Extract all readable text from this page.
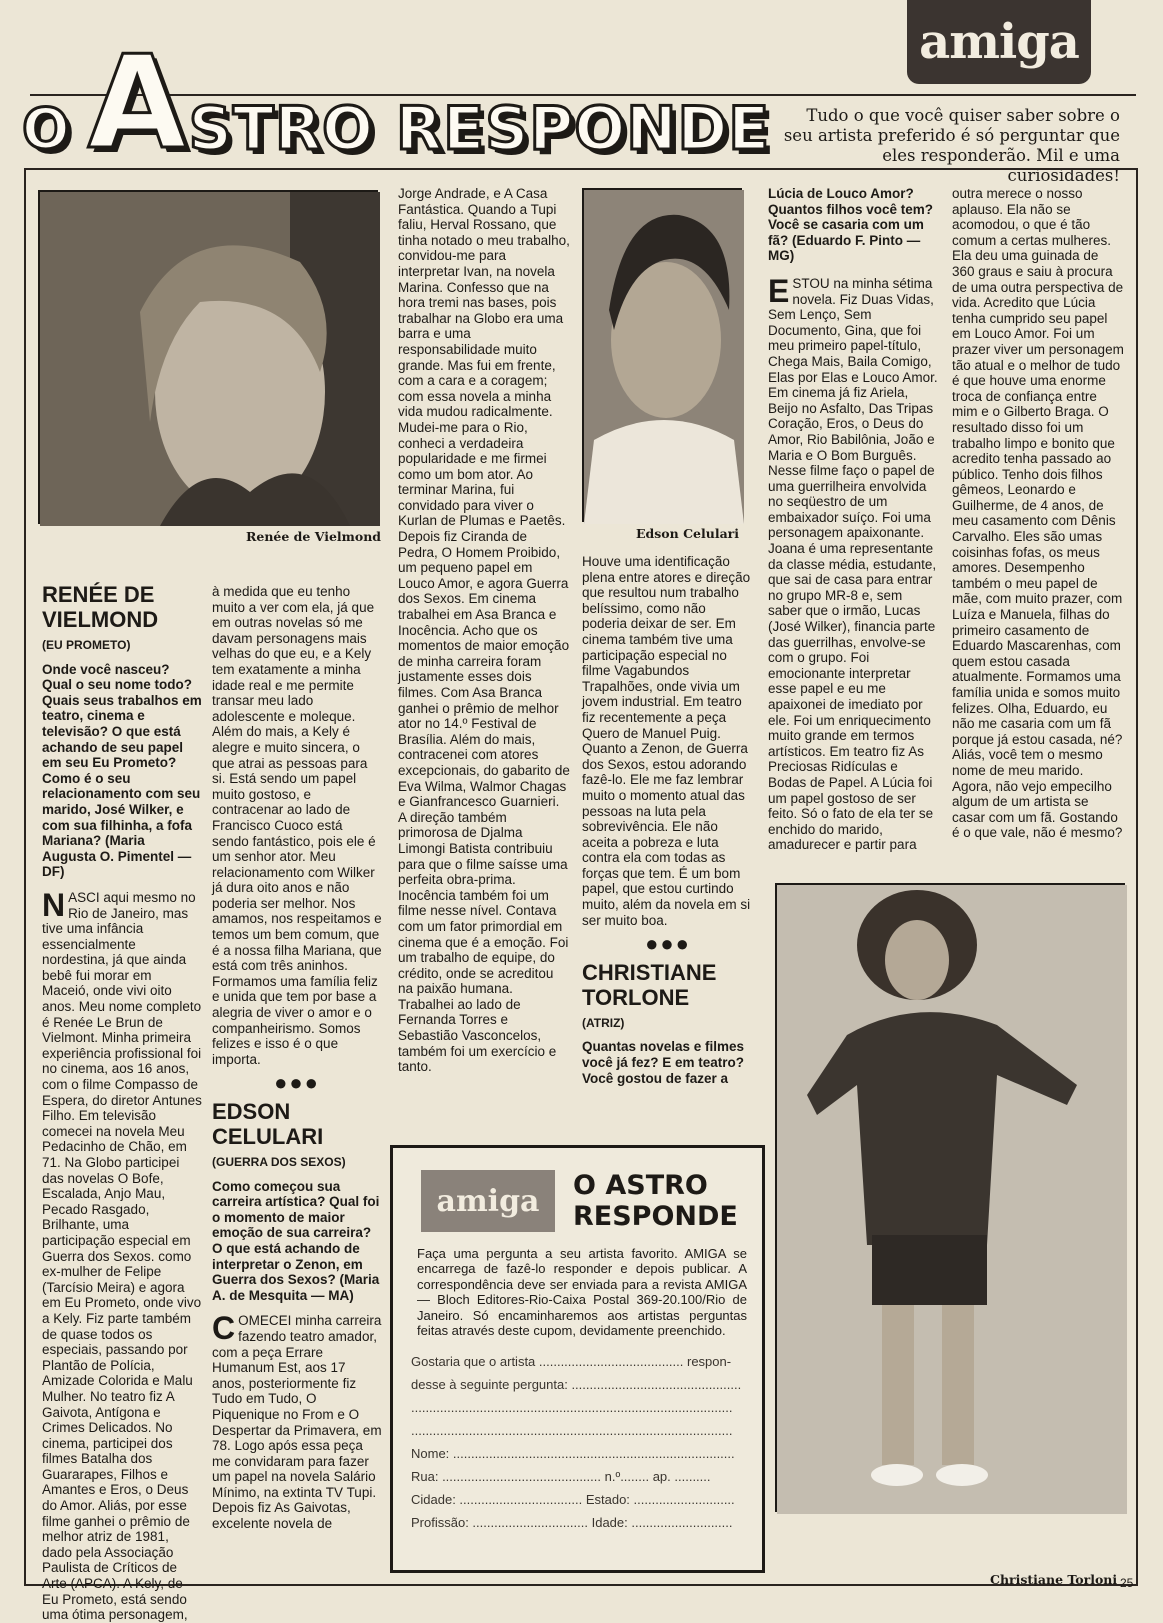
amiga
O A STRO RESPONDE	Tudo o que você quiser saber sobre o seu artista preferido é só perguntar que eles responderão. Mil e uma curiosidades!
Renée de Vielmond	Edson Celulari
Christiane Torloni
RENÉE DE VIELMOND
(EU PROMETO)

Onde você nasceu? Qual o seu nome todo? Quais seus trabalhos em teatro, cinema e televisão? O que está achando de seu papel em seu Eu Prometo? Como é o seu relacionamento com seu marido, José Wilker, e com sua filhinha, a fofa Mariana? (Maria Augusta O. Pimentel — DF)

NASCI aqui mesmo no Rio de Janeiro, mas tive uma infância essencialmente nordestina, já que ainda bebê fui morar em Maceió, onde vivi oito anos. Meu nome completo é Renée Le Brun de Vielmont. Minha primeira experiência profissional foi no cinema, aos 16 anos, com o filme Compasso de Espera, do diretor Antunes Filho. Em televisão comecei na novela Meu Pedacinho de Chão, em 71. Na Globo participei das novelas O Bofe, Escalada, Anjo Mau, Pecado Rasgado, Brilhante, uma participação especial em Guerra dos Sexos. como ex-mulher de Felipe (Tarcísio Meira) e agora em Eu Prometo, onde vivo a Kely. Fiz parte também de quase todos os especiais, passando por Plantão de Polícia, Amizade Colorida e Malu Mulher. No teatro fiz A Gaivota, Antígona e Crimes Delicados. No cinema, participei dos filmes Batalha dos Guararapes, Filhos e Amantes e Eros, o Deus do Amor. Aliás, por esse filme ganhei o prêmio de melhor atriz de 1981, dado pela Associação Paulista de Críticos de Arte (APCA). A Kely, de Eu Prometo, está sendo uma ótima personagem,

à medida que eu tenho muito a ver com ela, já que em outras novelas só me davam personagens mais velhas do que eu, e a Kely tem exatamente a minha idade real e me permite transar meu lado adolescente e moleque. Além do mais, a Kely é alegre e muito sincera, o que atrai as pessoas para si. Está sendo um papel muito gostoso, e contracenar ao lado de Francisco Cuoco está sendo fantástico, pois ele é um senhor ator. Meu relacionamento com Wilker já dura oito anos e não poderia ser melhor. Nos amamos, nos respeitamos e temos um bem comum, que é a nossa filha Mariana, que está com três aninhos. Formamos uma família feliz e unida que tem por base a alegria de viver o amor e o companheirismo. Somos felizes e isso é o que importa.

●●●
EDSON CELULARI
(GUERRA DOS SEXOS)

Como começou sua carreira artística? Qual foi o momento de maior emoção de sua carreira? O que está achando de interpretar o Zenon, em Guerra dos Sexos? (Maria A. de Mesquita — MA)

COMECEI minha carreira fazendo teatro amador, com a peça Errare Humanum Est, aos 17 anos, posteriormente fiz Tudo em Tudo, O Piquenique no From e O Despertar da Primavera, em 78. Logo após essa peça me convidaram para fazer um papel na novela Salário Mínimo, na extinta TV Tupi. Depois fiz As Gaivotas, excelente novela de

Jorge Andrade, e A Casa Fantástica. Quando a Tupi faliu, Herval Rossano, que tinha notado o meu trabalho, convidou-me para interpretar Ivan, na novela Marina. Confesso que na hora tremi nas bases, pois trabalhar na Globo era uma barra e uma responsabilidade muito grande. Mas fui em frente, com a cara e a coragem; com essa novela a minha vida mudou radicalmente. Mudei-me para o Rio, conheci a verdadeira popularidade e me firmei como um bom ator. Ao terminar Marina, fui convidado para viver o Kurlan de Plumas e Paetês. Depois fiz Ciranda de Pedra, O Homem Proibido, um pequeno papel em Louco Amor, e agora Guerra dos Sexos. Em cinema trabalhei em Asa Branca e Inocência. Acho que os momentos de maior emoção de minha carreira foram justamente esses dois filmes. Com Asa Branca ganhei o prêmio de melhor ator no 14.º Festival de Brasília. Além do mais, contracenei com atores excepcionais, do gabarito de Eva Wilma, Walmor Chagas e Gianfrancesco Guarnieri. A direção também primorosa de Djalma Limongi Batista contribuiu para que o filme saísse uma perfeita obra-prima. Inocência também foi um filme nesse nível. Contava com um fator primordial em cinema que é a emoção. Foi um trabalho de equipe, do crédito, onde se acreditou na paixão humana. Trabalhei ao lado de Fernanda Torres e Sebastião Vasconcelos, também foi um exercício e tanto.

Houve uma identificação plena entre atores e direção que resultou num trabalho belíssimo, como não poderia deixar de ser. Em cinema também tive uma participação especial no filme Vagabundos Trapalhões, onde vivia um jovem industrial. Em teatro fiz recentemente a peça Quero de Manuel Puig. Quanto a Zenon, de Guerra dos Sexos, estou adorando fazê-lo. Ele me faz lembrar muito o momento atual das pessoas na luta pela sobrevivência. Ele não aceita a pobreza e luta contra ela com todas as forças que tem. É um bom papel, que estou curtindo muito, além da novela em si ser muito boa.

●●●
CHRISTIANE TORLONE
(ATRIZ)

Quantas novelas e filmes você já fez? E em teatro? Você gostou de fazer a

Lúcia de Louco Amor? Quantos filhos você tem? Você se casaria com um fã? (Eduardo F. Pinto — MG)

ESTOU na minha sétima novela. Fiz Duas Vidas, Sem Lenço, Sem Documento, Gina, que foi meu primeiro papel-título, Chega Mais, Baila Comigo, Elas por Elas e Louco Amor. Em cinema já fiz Ariela, Beijo no Asfalto, Das Tripas Coração, Eros, o Deus do Amor, Rio Babilônia, João e Maria e O Bom Burguês. Nesse filme faço o papel de uma guerrilheira envolvida no seqüestro de um embaixador suíço. Foi uma personagem apaixonante. Joana é uma representante da classe média, estudante, que sai de casa para entrar no grupo MR-8 e, sem saber que o irmão, Lucas (José Wilker), financia parte das guerrilhas, envolve-se com o grupo. Foi emocionante interpretar esse papel e eu me apaixonei de imediato por ele. Foi um enriquecimento muito grande em termos artísticos. Em teatro fiz As Preciosas Ridículas e Bodas de Papel. A Lúcia foi um papel gostoso de ser feito. Só o fato de ela ter se enchido do marido, amadurecer e partir para

outra merece o nosso aplauso. Ela não se acomodou, o que é tão comum a certas mulheres. Ela deu uma guinada de 360 graus e saiu à procura de uma outra perspectiva de vida. Acredito que Lúcia tenha cumprido seu papel em Louco Amor. Foi um prazer viver um personagem tão atual e o melhor de tudo é que houve uma enorme troca de confiança entre mim e o Gilberto Braga. O resultado disso foi um trabalho limpo e bonito que acredito tenha passado ao público. Tenho dois filhos gêmeos, Leonardo e Guilherme, de 4 anos, de meu casamento com Dênis Carvalho. Eles são umas coisinhas fofas, os meus amores. Desempenho também o meu papel de mãe, com muito prazer, com Luíza e Manuela, filhas do primeiro casamento de Eduardo Mascarenhas, com quem estou casada atualmente. Formamos uma família unida e somos muito felizes. Olha, Eduardo, eu não me casaria com um fã porque já estou casada, né? Aliás, você tem o mesmo nome de meu marido. Agora, não vejo empecilho algum de um artista se casar com um fã. Gostando é o que vale, não é mesmo?

amiga O ASTRO RESPONDE
Faça uma pergunta a seu artista favorito. AMIGA se encarrega de fazê-lo responder e depois publicar. A correspondência deve ser enviada para a revista AMIGA — Bloch Editores-Rio-Caixa Postal 369-20.100/Rio de Janeiro. Só encaminharemos aos artistas perguntas feitas através deste cupom, devidamente preenchido.
Gostaria que o artista ........................................ respon-
desse à seguinte pergunta: ...............................................
.........................................................................................
.........................................................................................
Nome: ..............................................................................
Rua: ............................................ n.º........ ap. ..........
Cidade: .................................. Estado: ............................
Profissão: ................................ Idade: ............................
25
